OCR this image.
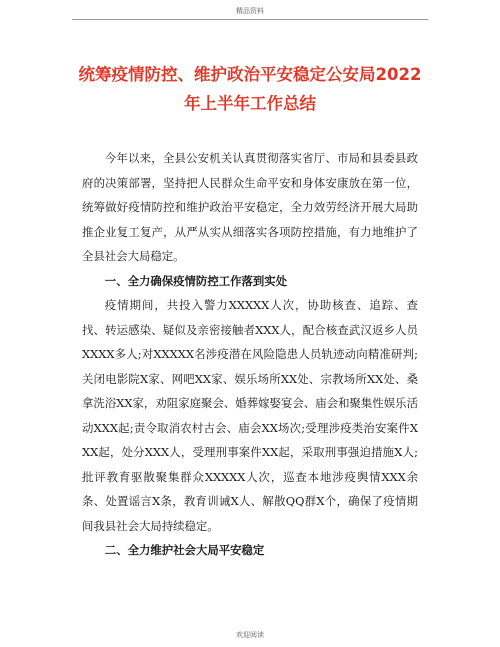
精品资料
统筹疫情防控、维护政治平安稳定公安局2022
年上半年工作总结

今年以来，全县公安机关认真贯彻落实省厅、市局和县委县政府的决策部署，坚持把人民群众生命平安和身体安康放在第一位，统筹做好疫情防控和维护政治平安稳定，全力效劳经济开展大局助推企业复工复产，从严从实从细落实各项防控措施，有力地维护了全县社会大局稳定。

一、全力确保疫情防控工作落到实处

疫情期间，共投入警力XXXXX人次，协助核查、追踪、查找、转运感染、疑似及亲密接触者XXX人，配合核查武汉返乡人员XXXX多人;对XXXXX名涉疫潜在风险隐患人员轨迹动向精准研判;关闭电影院X家、网吧XX家、娱乐场所XX处、宗教场所XX处、桑拿洗浴XX家，劝阻家庭聚会、婚葬嫁娶宴会、庙会和聚集性娱乐活动XXX起;责令取消农村古会、庙会XX场次;受理涉疫类治安案件XXX起，处分XXX人，受理刑事案件XX起，采取刑事强迫措施X人;批评教育驱散聚集群众XXXXX人次，巡查本地涉疫舆情XXX余条、处置谣言X条，教育训诫X人、解散QQ群X个，确保了疫情期间我县社会大局持续稳定。

二、全力维护社会大局平安稳定
欢迎阅读
